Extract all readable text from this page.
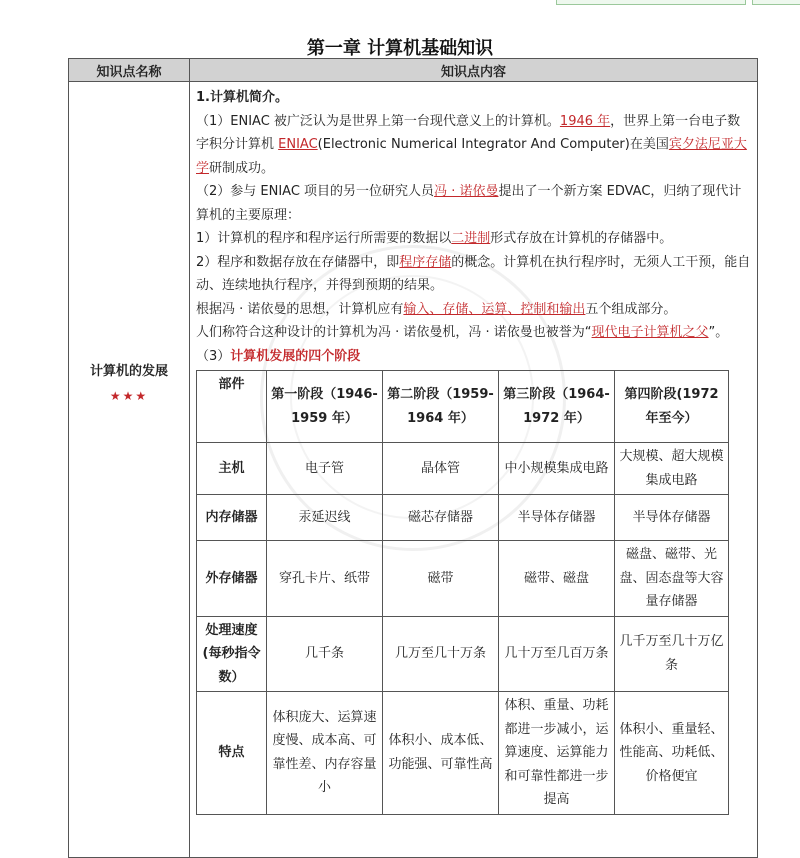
第一章 计算机基础知识
知识点名称	知识点内容

计算机的发展
★★★

1.计算机简介。

（1）ENIAC 被广泛认为是世界上第一台现代意义上的计算机。1946 年，世界上第一台电子数字积分计算机 ENIAC(Electronic Numerical Integrator And Computer)在美国宾夕法尼亚大学研制成功。

（2）参与 ENIAC 项目的另一位研究人员冯 · 诺依曼提出了一个新方案 EDVAC，归纳了现代计算机的主要原理：

1）计算机的程序和程序运行所需要的数据以二进制形式存放在计算机的存储器中。

2）程序和数据存放在存储器中，即程序存储的概念。计算机在执行程序时，无须人工干预，能自动、连续地执行程序，并得到预期的结果。

根据冯 · 诺依曼的思想，计算机应有输入、存储、运算、控制和输出五个组成部分。

人们称符合这种设计的计算机为冯 · 诺依曼机，冯 · 诺依曼也被誉为“现代电子计算机之父”。

（3）计算机发展的四个阶段

部件	第一阶段（1946-1959 年）	第二阶段（1959-1964 年）	第三阶段（1964-1972 年）	第四阶段(1972 年至今）
主机	电子管	晶体管	中小规模集成电路	大规模、超大规模集成电路
内存储器	汞延迟线	磁芯存储器	半导体存储器	半导体存储器
外存储器	穿孔卡片、纸带	磁带	磁带、磁盘	磁盘、磁带、光盘、固态盘等大容量存储器
处理速度(每秒指令数）	几千条	几万至几十万条	几十万至几百万条	几千万至几十万亿条
特点	体积庞大、运算速度慢、成本高、可靠性差、内存容量小	体积小、成本低、功能强、可靠性高	体积、重量、功耗都进一步减小，运算速度、运算能力和可靠性都进一步提高	体积小、重量轻、性能高、功耗低、价格便宜
